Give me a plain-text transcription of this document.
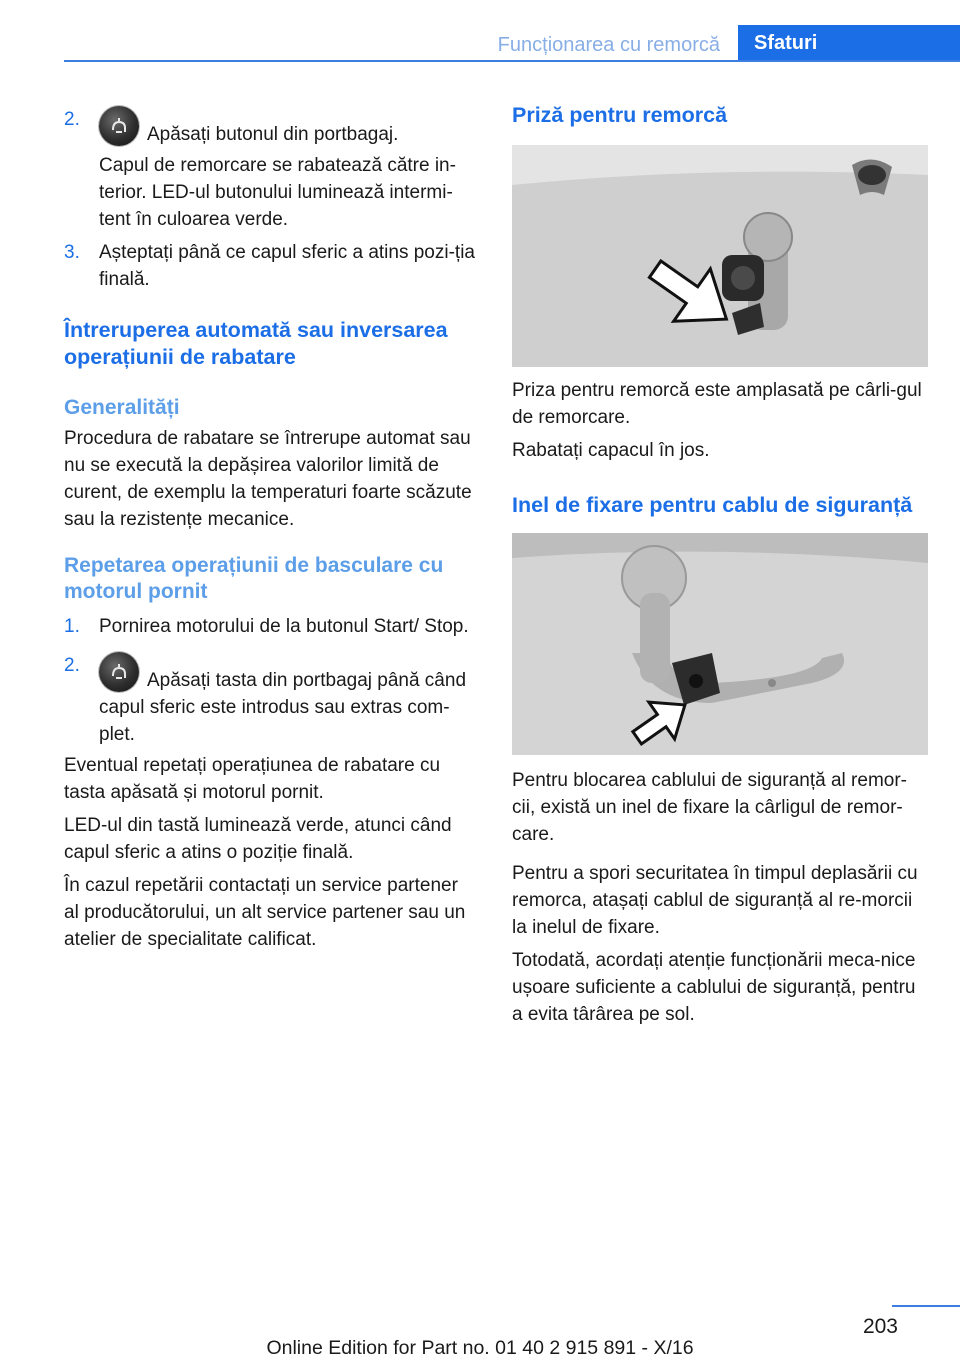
Funcționarea cu remorcă	Sfaturi
2.

Apăsați butonul din portbagaj.

Capul de remorcare se rabatează către in-terior. LED-ul butonului luminează intermi-tent în culoarea verde.

3. Așteptați până ce capul sferic a atins pozi-ția finală.

Întreruperea automată sau inversarea operațiunii de rabatare
Generalități

Procedura de rabatare se întrerupe automat sau nu se execută la depășirea valorilor limită de curent, de exemplu la temperaturi foarte scăzute sau la rezistențe mecanice.

Repetarea operațiunii de basculare cu motorul pornit
1. Pornirea motorului de la butonul Start/ Stop.

2.

Apăsați tasta din portbagaj până când capul sferic este introdus sau extras com-plet.

Eventual repetați operațiunea de rabatare cu tasta apăsată și motorul pornit.

LED-ul din tastă luminează verde, atunci când capul sferic a atins o poziție finală.

În cazul repetării contactați un service partener al producătorului, un alt service partener sau un atelier de specialitate calificat.

Priză pentru remorcă

Priza pentru remorcă este amplasată pe cârli-gul de remorcare.

Rabatați capacul în jos.

Inel de fixare pentru cablu de siguranță

Pentru blocarea cablului de siguranță al remor-cii, există un inel de fixare la cârligul de remor-care.

Pentru a spori securitatea în timpul deplasării cu remorca, atașați cablul de siguranță al re-morcii la inelul de fixare.

Totodată, acordați atenție funcționării meca-nice ușoare suficiente a cablului de siguranță, pentru a evita târârea pe sol.

203
Online Edition for Part no. 01 40 2 915 891 - X/16
